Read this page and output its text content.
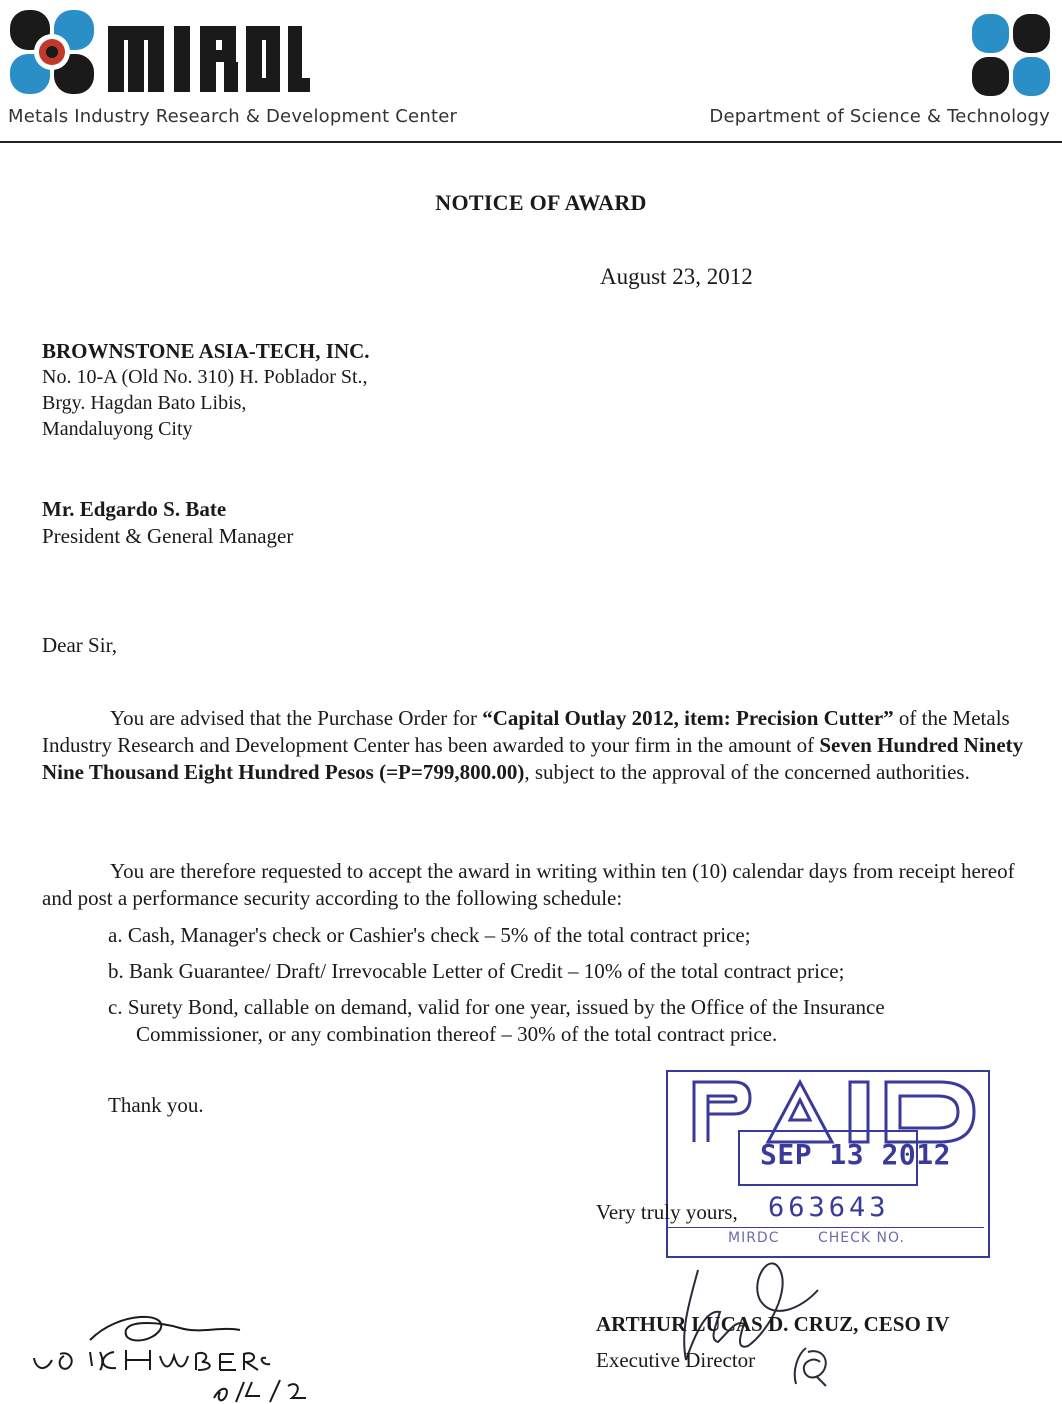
Metals Industry Research & Development Center	Department of Science & Technology
NOTICE OF AWARD
August 23, 2012
BROWNSTONE ASIA-TECH, INC.
No. 10-A (Old No. 310) H. Poblador St.,
Brgy. Hagdan Bato Libis,
Mandaluyong City
Mr. Edgardo S. Bate
President & General Manager
Dear Sir,
You are advised that the Purchase Order for “Capital Outlay 2012, item: Precision Cutter” of the Metals Industry Research and Development Center has been awarded to your firm in the amount of Seven Hundred Ninety Nine Thousand Eight Hundred Pesos (=P=799,800.00), subject to the approval of the concerned authorities.
You are therefore requested to accept the award in writing within ten (10) calendar days from receipt hereof and post a performance security according to the following schedule:
a. Cash, Manager's check or Cashier's check – 5% of the total contract price;
b. Bank Guarantee/ Draft/ Irrevocable Letter of Credit – 10% of the total contract price;
c. Surety Bond, callable on demand, valid for one year, issued by the Office of the Insurance
Commissioner, or any combination thereof – 30% of the total contract price.
Thank you.
PAID
SEP 13 2012
663643
MIRDC	CHECK NO.
Very truly yours,
ARTHUR LUCAS D. CRUZ, CESO IV
Executive Director
